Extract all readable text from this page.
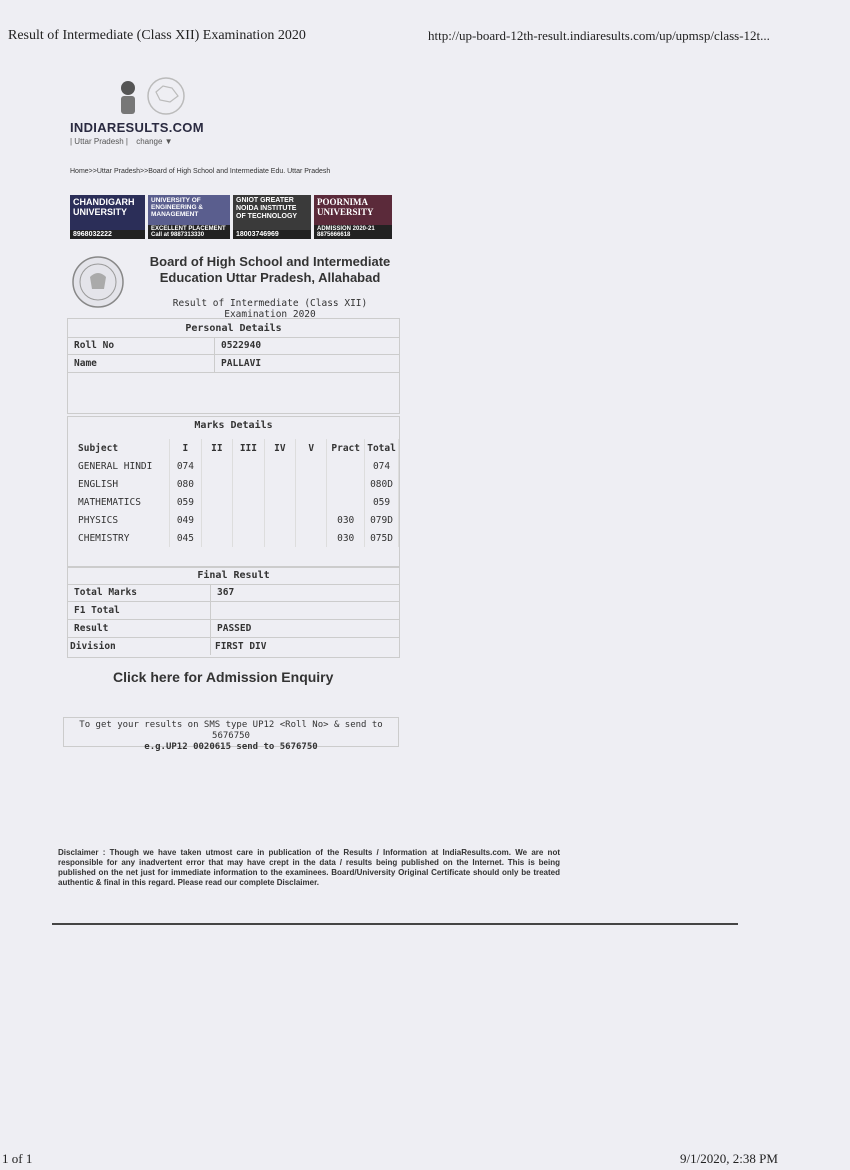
Result of Intermediate (Class XII) Examination 2020	http://up-board-12th-result.indiaresults.com/up/upmsp/class-12t...
INDIARESULTS.COM
| Uttar Pradesh | change ▼
Home>>Uttar Pradesh>>Board of High School and Intermediate Edu. Uttar Pradesh
CHANDIGARH UNIVERSITY
8968032222
UNIVERSITY OF ENGINEERING & MANAGEMENT
EXCELLENT PLACEMENT Call at 9887313330
GNIOT GREATER NOIDA INSTITUTE OF TECHNOLOGY
18003746969
POORNIMA UNIVERSITY
ADMISSION 2020-21 8875666618
Board of High School and Intermediate
Education Uttar Pradesh, Allahabad
Result of Intermediate (Class XII) Examination 2020
Personal Details
Roll No	0522940
Name	PALLAVI
Marks Details
Subject	I	II	III	IV	V	Pract	Total
GENERAL HINDI	074						074
ENGLISH	080						080D
MATHEMATICS	059						059
PHYSICS	049					030	079D
CHEMISTRY	045					030	075D
Final Result
Total Marks	367
F1 Total
Result	PASSED
Division	FIRST DIV
Click here for Admission Enquiry
To get your results on SMS type UP12 <Roll No> & send to 5676750
e.g.UP12 0020615 send to 5676750
Disclaimer : Though we have taken utmost care in publication of the Results / Information at IndiaResults.com. We are not responsible for any inadvertent error that may have crept in the data / results being published on the Internet. This is being published on the net just for immediate information to the examinees. Board/University Original Certificate should only be treated authentic & final in this regard. Please read our complete Disclaimer.
1 of 1	9/1/2020, 2:38 PM
